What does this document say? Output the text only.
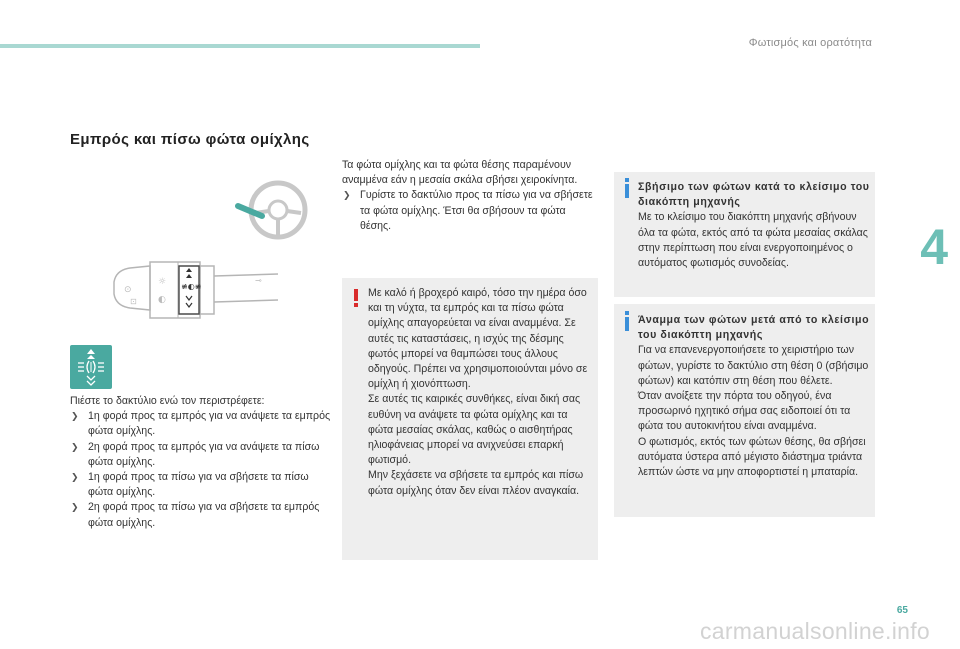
Φωτισμός και ορατότητα
4
Εμπρός και πίσω φώτα ομίχλης
⊙
⊡
☼
◐
⊸
≢◐≢

Πιέστε το δακτύλιο ενώ τον περιστρέφετε:

❯ 1η φορά προς τα εμπρός για να ανάψετε τα εμπρός φώτα ομίχλης.
❯ 2η φορά προς τα εμπρός για να ανάψετε τα πίσω φώτα ομίχλης.
❯ 1η φορά προς τα πίσω για να σβήσετε τα πίσω φώτα ομίχλης.
❯ 2η φορά προς τα πίσω για να σβήσετε τα εμπρός φώτα ομίχλης.

Τα φώτα ομίχλης και τα φώτα θέσης παραμένουν αναμμένα εάν η μεσαία σκάλα σβήσει χειροκίνητα.

❯ Γυρίστε το δακτύλιο προς τα πίσω για να σβήσετε τα φώτα ομίχλης. Έτσι θα σβήσουν τα φώτα θέσης.

Με καλό ή βροχερό καιρό, τόσο την ημέρα όσο και τη νύχτα, τα εμπρός και τα πίσω φώτα ομίχλης απαγορεύεται να είναι αναμμένα. Σε αυτές τις καταστάσεις, η ισχύς της δέσμης φωτός μπορεί να θαμπώσει τους άλλους οδηγούς. Πρέπει να χρησιμοποιούνται μόνο σε ομίχλη ή χιονόπτωση.

Σε αυτές τις καιρικές συνθήκες, είναι δική σας ευθύνη να ανάψετε τα φώτα ομίχλης και τα φώτα μεσαίας σκάλας, καθώς ο αισθητήρας ηλιοφάνειας μπορεί να ανιχνεύσει επαρκή φωτισμό.

Μην ξεχάσετε να σβήσετε τα εμπρός και πίσω φώτα ομίχλης όταν δεν είναι πλέον αναγκαία.

Σβήσιμο των φώτων κατά το κλείσιμο του διακόπτη μηχανής

Με το κλείσιμο του διακόπτη μηχανής σβήνουν όλα τα φώτα, εκτός από τα φώτα μεσαίας σκάλας στην περίπτωση που είναι ενεργοποιημένος ο αυτόματος φωτισμός συνοδείας.

Άναμμα των φώτων μετά από το κλείσιμο του διακόπτη μηχανής

Για να επανενεργοποιήσετε το χειριστήριο των φώτων, γυρίστε το δακτύλιο στη θέση 0 (σβήσιμο φώτων) και κατόπιν στη θέση που θέλετε.

Όταν ανοίξετε την πόρτα του οδηγού, ένα προσωρινό ηχητικό σήμα σας ειδοποιεί ότι τα φώτα του αυτοκινήτου είναι αναμμένα.

Ο φωτισμός, εκτός των φώτων θέσης, θα σβήσει αυτόματα ύστερα από μέγιστο διάστημα τριάντα λεπτών ώστε να μην αποφορτιστεί η μπαταρία.

65
carmanualsonline.info
